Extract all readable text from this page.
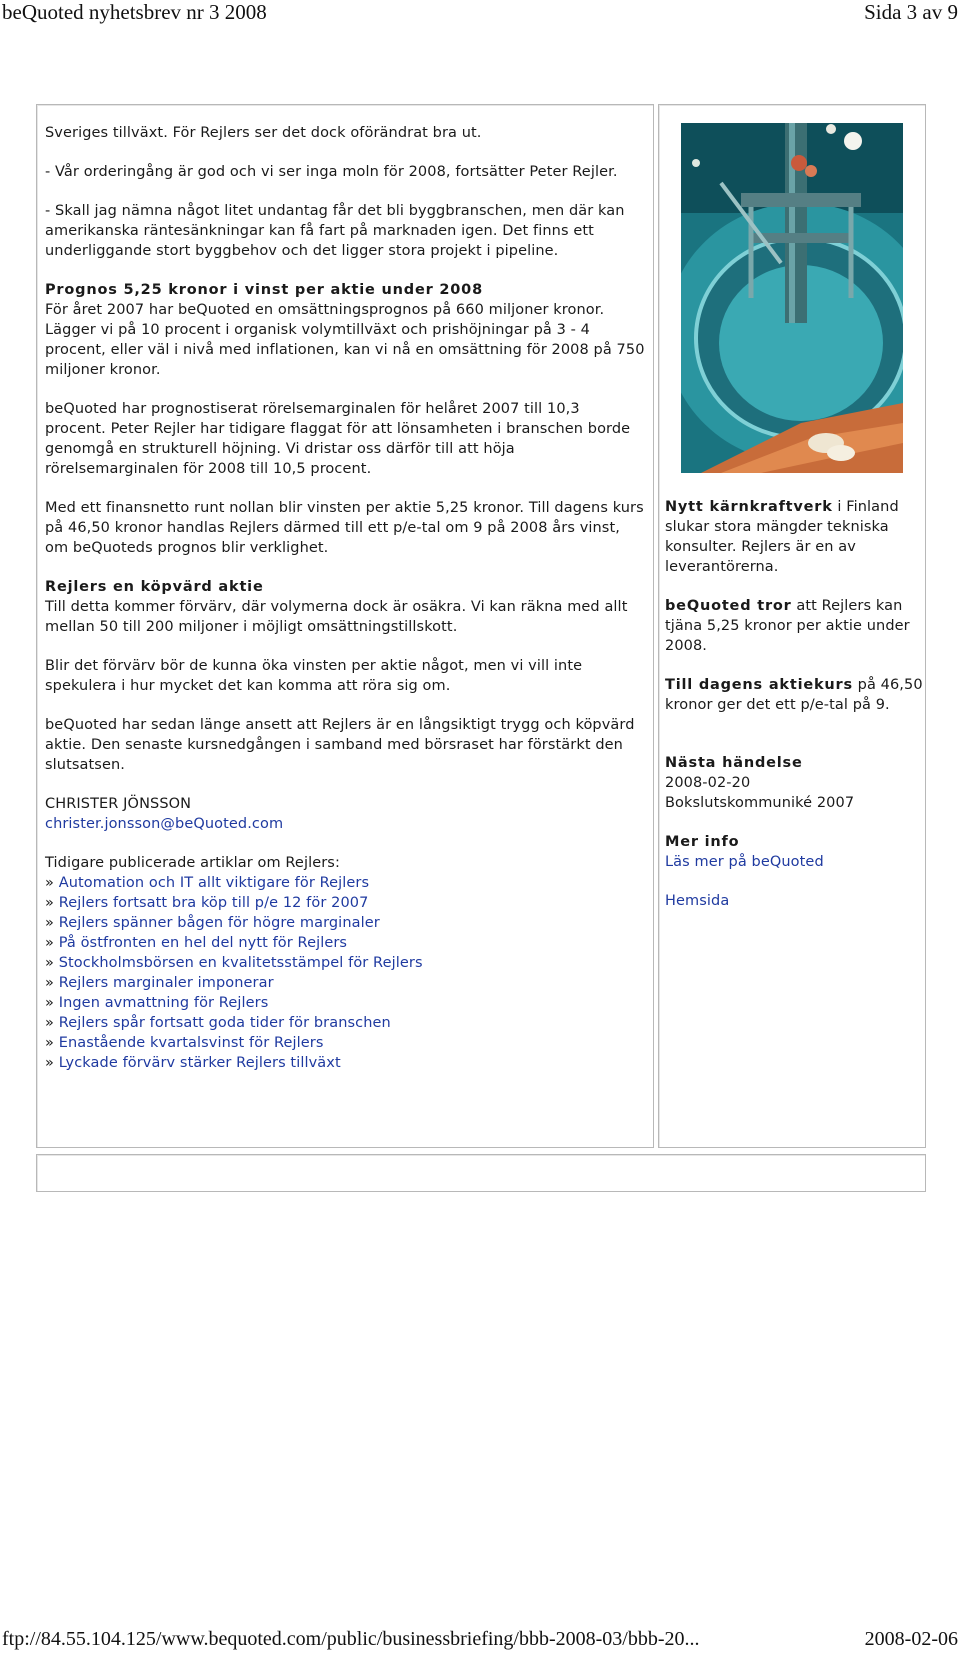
beQuoted nyhetsbrev nr 3 2008	Sida 3 av 9

Sveriges tillväxt. För Rejlers ser det dock oförändrat bra ut.

- Vår orderingång är god och vi ser inga moln för 2008, fortsätter Peter Rejler.

- Skall jag nämna något litet undantag får det bli byggbranschen, men där kan amerikanska räntesänkningar kan få fart på marknaden igen. Det finns ett underliggande stort byggbehov och det ligger stora projekt i pipeline.

Prognos 5,25 kronor i vinst per aktie under 2008
För året 2007 har beQuoted en omsättningsprognos på 660 miljoner kronor. Lägger vi på 10 procent i organisk volymtillväxt och prishöjningar på 3 - 4 procent, eller väl i nivå med inflationen, kan vi nå en omsättning för 2008 på 750 miljoner kronor.

beQuoted har prognostiserat rörelsemarginalen för helåret 2007 till 10,3 procent. Peter Rejler har tidigare flaggat för att lönsamheten i branschen borde genomgå en strukturell höjning. Vi dristar oss därför till att höja rörelsemarginalen för 2008 till 10,5 procent.

Med ett finansnetto runt nollan blir vinsten per aktie 5,25 kronor. Till dagens kurs på 46,50 kronor handlas Rejlers därmed till ett p/e-tal om 9 på 2008 års vinst, om beQuoteds prognos blir verklighet.

Rejlers en köpvärd aktie
Till detta kommer förvärv, där volymerna dock är osäkra. Vi kan räkna med allt mellan 50 till 200 miljoner i möjligt omsättningstillskott.

Blir det förvärv bör de kunna öka vinsten per aktie något, men vi vill inte spekulera i hur mycket det kan komma att röra sig om.

beQuoted har sedan länge ansett att Rejlers är en långsiktigt trygg och köpvärd aktie. Den senaste kursnedgången i samband med börsraset har förstärkt den slutsatsen.

CHRISTER JÖNSSON
christer.jonsson@beQuoted.com

Tidigare publicerade artiklar om Rejlers:

» Automation och IT allt viktigare för Rejlers
» Rejlers fortsatt bra köp till p/e 12 för 2007
» Rejlers spänner bågen för högre marginaler
» På östfronten en hel del nytt för Rejlers
» Stockholmsbörsen en kvalitetsstämpel för Rejlers
» Rejlers marginaler imponerar
» Ingen avmattning för Rejlers
» Rejlers spår fortsatt goda tider för branschen
» Enastående kvartalsvinst för Rejlers
» Lyckade förvärv stärker Rejlers tillväxt

Nytt kärnkraftverk i Finland slukar stora mängder tekniska konsulter. Rejlers är en av leverantörerna.

beQuoted tror att Rejlers kan tjäna 5,25 kronor per aktie under 2008.

Till dagens aktiekurs på 46,50 kronor ger det ett p/e-tal på 9.

Nästa händelse
2008-02-20
Bokslutskommuniké 2007

Mer info
Läs mer på beQuoted

Hemsida

ftp://84.55.104.125/www.bequoted.com/public/businessbriefing/bbb-2008-03/bbb-20...	2008-02-06
